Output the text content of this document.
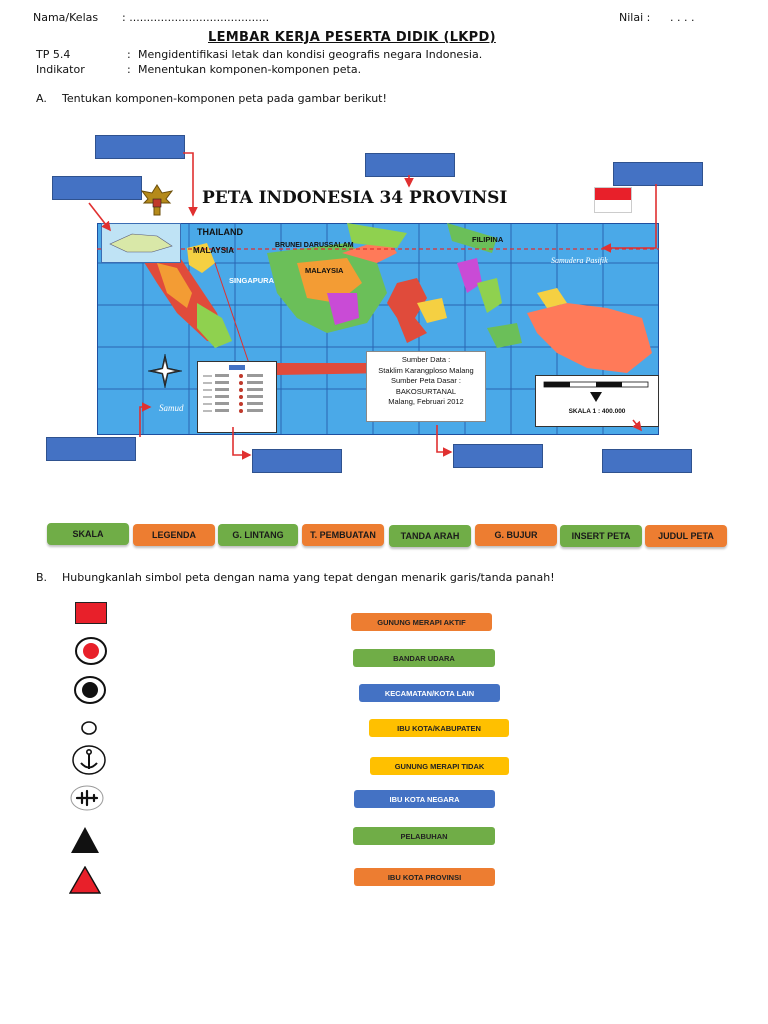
Nama/Kelas : ........................................	Nilai : . . . .
LEMBAR KERJA PESERTA DIDIK (LKPD)
TP 5.4	: Mengidentifikasi letak dan kondisi geografis negara Indonesia.
Indikator	: Menentukan komponen-komponen peta.
A. Tentukan komponen-komponen peta pada gambar berikut!
PETA INDONESIA 34 PROVINSI
THAILAND
MALAYSIA
BRUNEI DARUSSALAM
FILIPINA
MALAYSIA
SINGAPURA
Samudera Pasifik
Samud
Sumber Data :
Staklim Karangploso Malang
Sumber Peta Dasar :
BAKOSURTANAL
Malang, Februari 2012
SKALA 1 : 400.000
SKALA	LEGENDA	G. LINTANG	T. PEMBUATAN	TANDA ARAH	G. BUJUR	INSERT PETA	JUDUL PETA
B. Hubungkanlah simbol peta dengan nama yang tepat dengan menarik garis/tanda panah!
GUNUNG MERAPI AKTIF
BANDAR UDARA
KECAMATAN/KOTA LAIN
IBU KOTA/KABUPATEN
GUNUNG MERAPI TIDAK
IBU KOTA NEGARA
PELABUHAN
IBU KOTA PROVINSI
